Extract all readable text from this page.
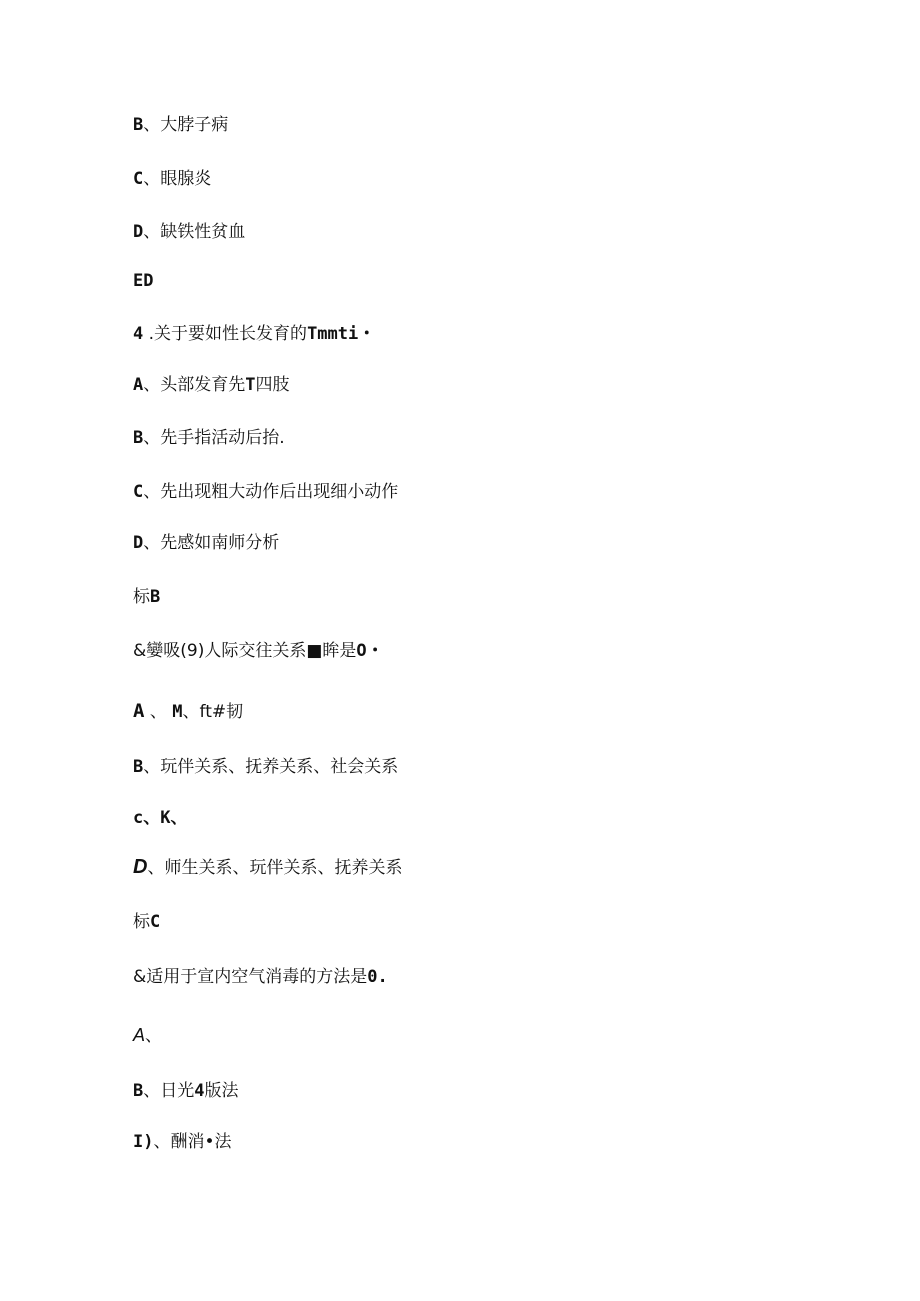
B、大脖子病
C、眼腺炎
D、缺铁性贫血
ED
4 .关于要如性长发育的Tmmti・
A、头部发育先T四肢
B、先手指活动后抬.
C、先出现粗大动作后出现细小动作
D、先感如南师分析
标B
&孌吸(9)人际交往关系■眸是O・
A 、 M、ft#韧
B、玩伴关系、抚养关系、社会关系
c、K、
D、师生关系、玩伴关系、抚养关系
标C
&适用于宣内空气消毒的方法是0.
A、
B、日光4版法
I)、酬消•法
